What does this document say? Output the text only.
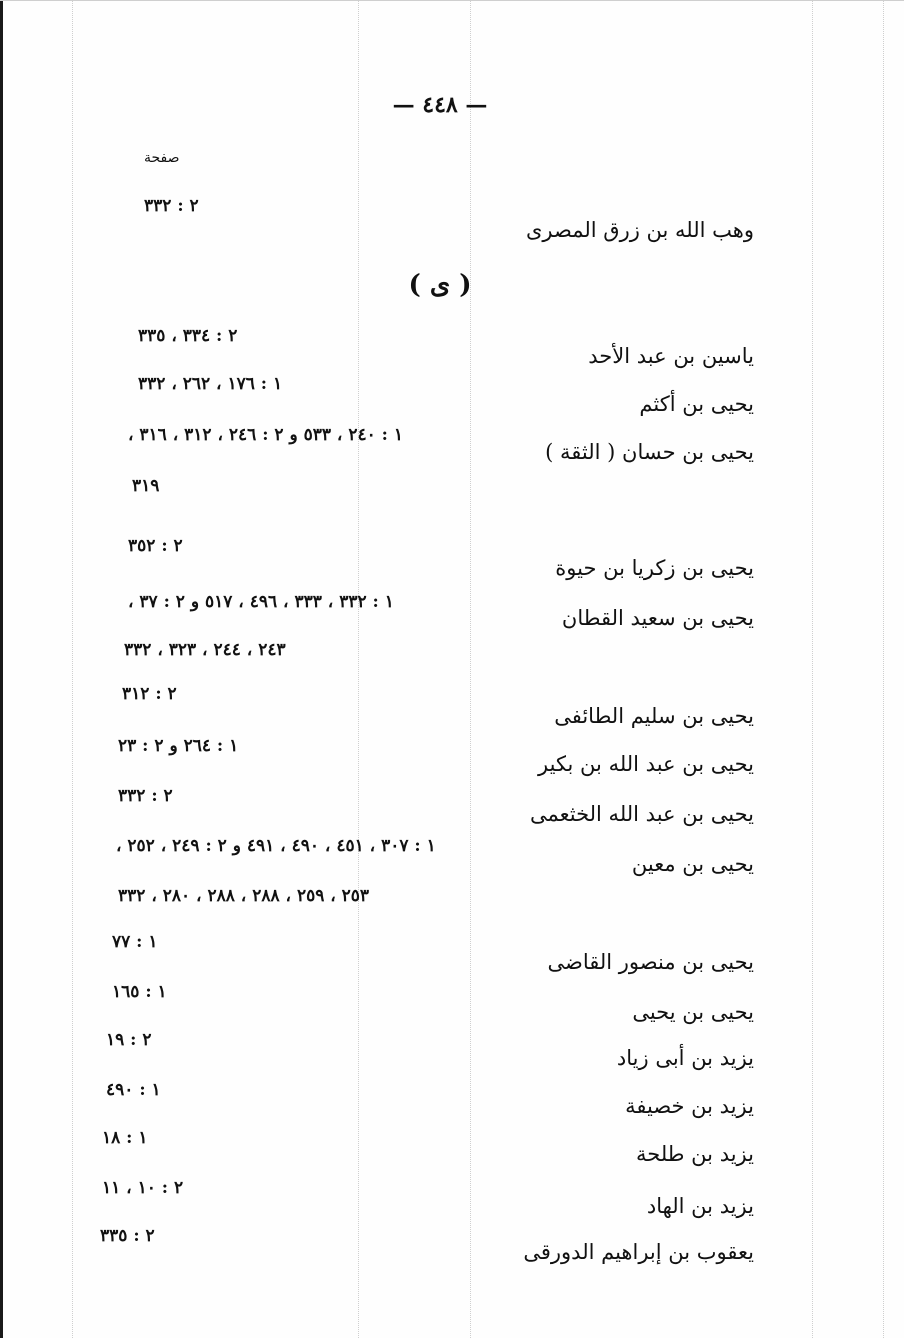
— ٤٤٨ —
صفحة
٢ : ٣٣٢
وهب الله بن زرق المصرى
( ى )
٢ : ٣٣٤ ، ٣٣٥
ياسين بن عبد الأحد
١ : ١٧٦ ، ٢٦٢ ، ٣٣٢
يحيى بن أكثم
١ : ٢٤٠ ، ٥٣٣ و ٢ : ٢٤٦ ، ٣١٢ ، ٣١٦ ،
يحيى بن حسان ( الثقة )
٣١٩
٢ : ٣٥٢
يحيى بن زكريا بن حيوة
١ : ٣٣٢ ، ٣٣٣ ، ٤٩٦ ، ٥١٧ و ٢ : ٣٧ ،
يحيى بن سعيد القطان
٢٤٣ ، ٢٤٤ ، ٣٢٣ ، ٣٣٢
٢ : ٣١٢
يحيى بن سليم الطائفى
١ : ٢٦٤ و ٢ : ٢٣
يحيى بن عبد الله بن بكير
٢ : ٣٣٢
يحيى بن عبد الله الخثعمى
١ : ٣٠٧ ، ٤٥١ ، ٤٩٠ ، ٤٩١ و ٢ : ٢٤٩ ، ٢٥٢ ،
يحيى بن معين
٢٥٣ ، ٢٥٩ ، ٢٨٨ ، ٢٨٨ ، ٢٨٠ ، ٣٣٢
١ : ٧٧
يحيى بن منصور القاضى
١ : ١٦٥
يحيى بن يحيى
٢ : ١٩
يزيد بن أبى زياد
١ : ٤٩٠
يزيد بن خصيفة
١ : ١٨
يزيد بن طلحة
٢ : ١٠ ، ١١
يزيد بن الهاد
٢ : ٣٣٥
يعقوب بن إبراهيم الدورقى
